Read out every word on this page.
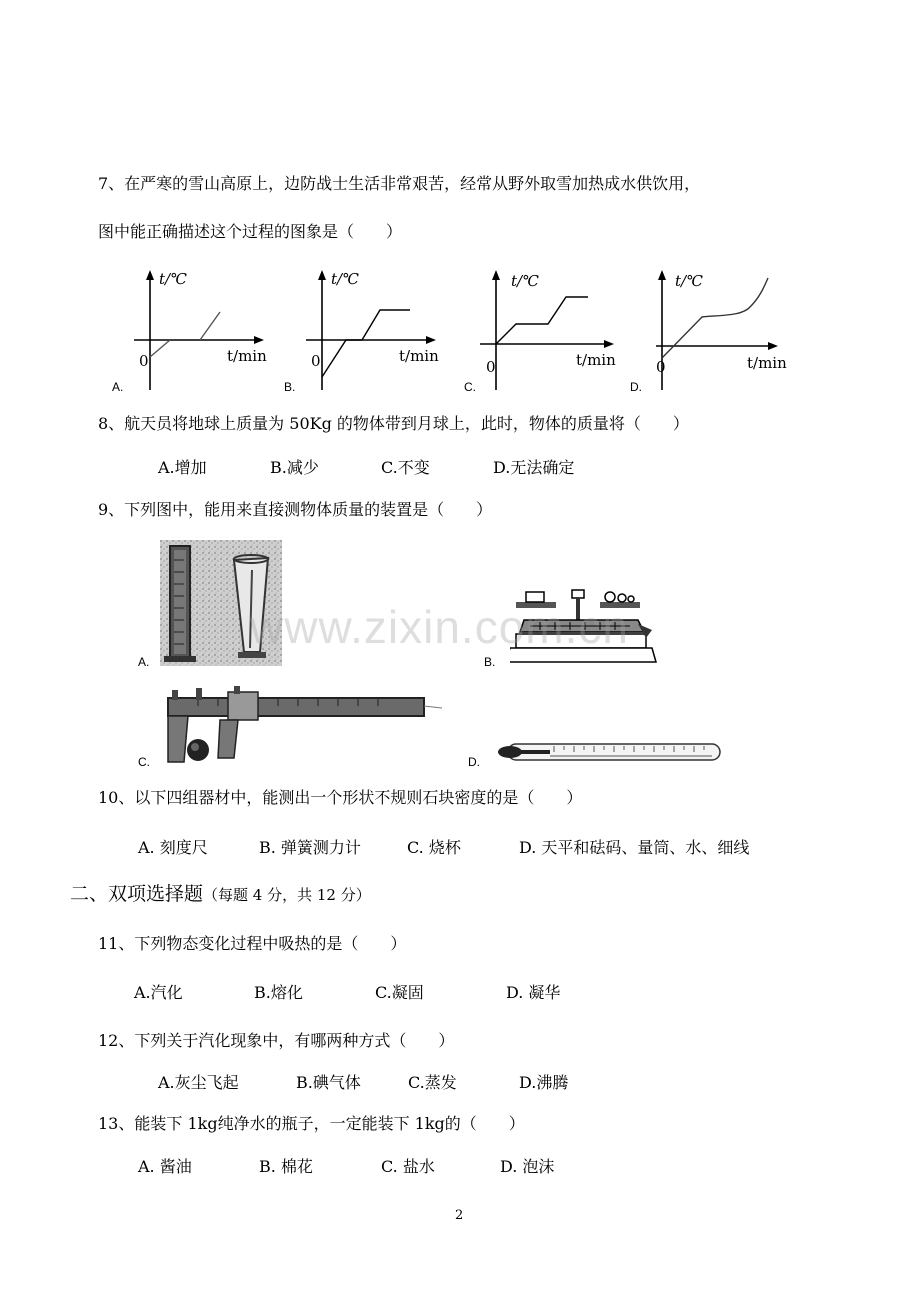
7、在严寒的雪山高原上，边防战士生活非常艰苦，经常从野外取雪加热成水供饮用，
图中能正确描述这个过程的图象是（　　）
t/℃
t/min
0
A.
t/℃
t/min
0
B.
t/℃
t/min
0
C.
t/℃
t/min
0
D.
8、航天员将地球上质量为 50Kg 的物体带到月球上，此时，物体的质量将（　　）
A.增加	B.减少	C.不变	D.无法确定
9、下列图中，能用来直接测物体质量的装置是（　　）
A.	B.
www.zixin.com.cn
C.	D.
10、以下四组器材中，能测出一个形状不规则石块密度的是（　　）
A. 刻度尺	B. 弹簧测力计	C. 烧杯	D. 天平和砝码、量筒、水、细线
二、双项选择题（每题 4 分，共 12 分）
11、下列物态变化过程中吸热的是（　　）
A.汽化	B.熔化	C.凝固	D. 凝华
12、下列关于汽化现象中，有哪两种方式（　　）
A.灰尘飞起	B.碘气体	C.蒸发	D.沸腾
13、能装下 1kg纯净水的瓶子，一定能装下 1kg的（　　）
A. 酱油	B. 棉花	C. 盐水	D. 泡沫
2
